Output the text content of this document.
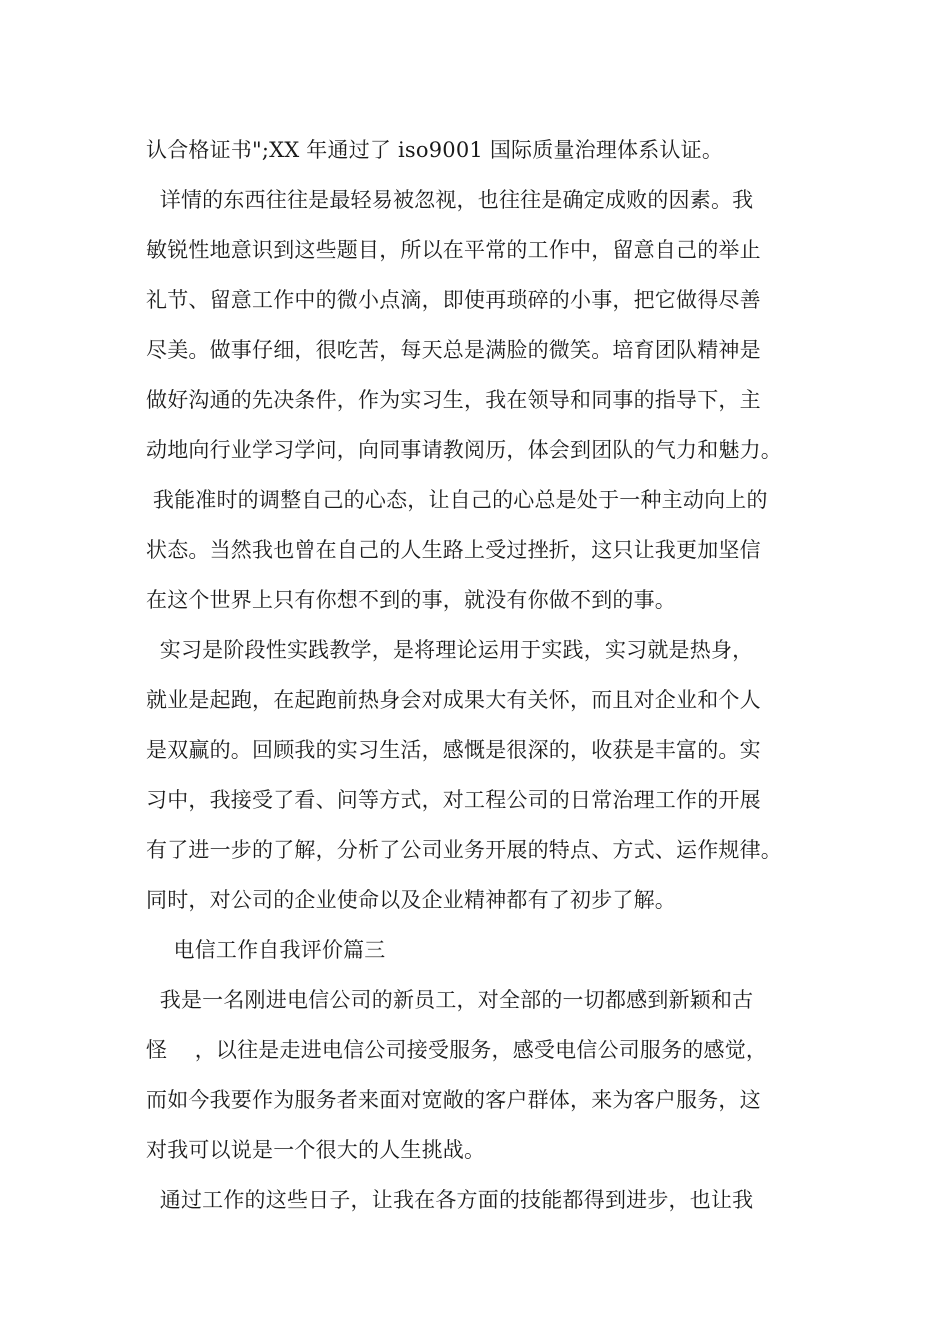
认合格证书";XX 年通过了 iso9001 国际质量治理体系认证。
详情的东西往往是最轻易被忽视，也往往是确定成败的因素。我
敏锐性地意识到这些题目，所以在平常的工作中，留意自己的举止
礼节、留意工作中的微小点滴，即使再琐碎的小事，把它做得尽善
尽美。做事仔细，很吃苦，每天总是满脸的微笑。培育团队精神是
做好沟通的先决条件，作为实习生，我在领导和同事的指导下，主
动地向行业学习学问，向同事请教阅历，体会到团队的气力和魅力。
我能准时的调整自己的心态，让自己的心总是处于一种主动向上的
状态。当然我也曾在自己的人生路上受过挫折，这只让我更加坚信
在这个世界上只有你想不到的事，就没有你做不到的事。
实习是阶段性实践教学，是将理论运用于实践，实习就是热身，
就业是起跑，在起跑前热身会对成果大有关怀，而且对企业和个人
是双赢的。回顾我的实习生活，感慨是很深的，收获是丰富的。实
习中，我接受了看、问等方式，对工程公司的日常治理工作的开展
有了进一步的了解，分析了公司业务开展的特点、方式、运作规律。
同时，对公司的企业使命以及企业精神都有了初步了解。
电信工作自我评价篇三
我是一名刚进电信公司的新员工，对全部的一切都感到新颖和古
怪    ，以往是走进电信公司接受服务，感受电信公司服务的感觉，
而如今我要作为服务者来面对宽敞的客户群体，来为客户服务，这
对我可以说是一个很大的人生挑战。
通过工作的这些日子，让我在各方面的技能都得到进步，也让我
